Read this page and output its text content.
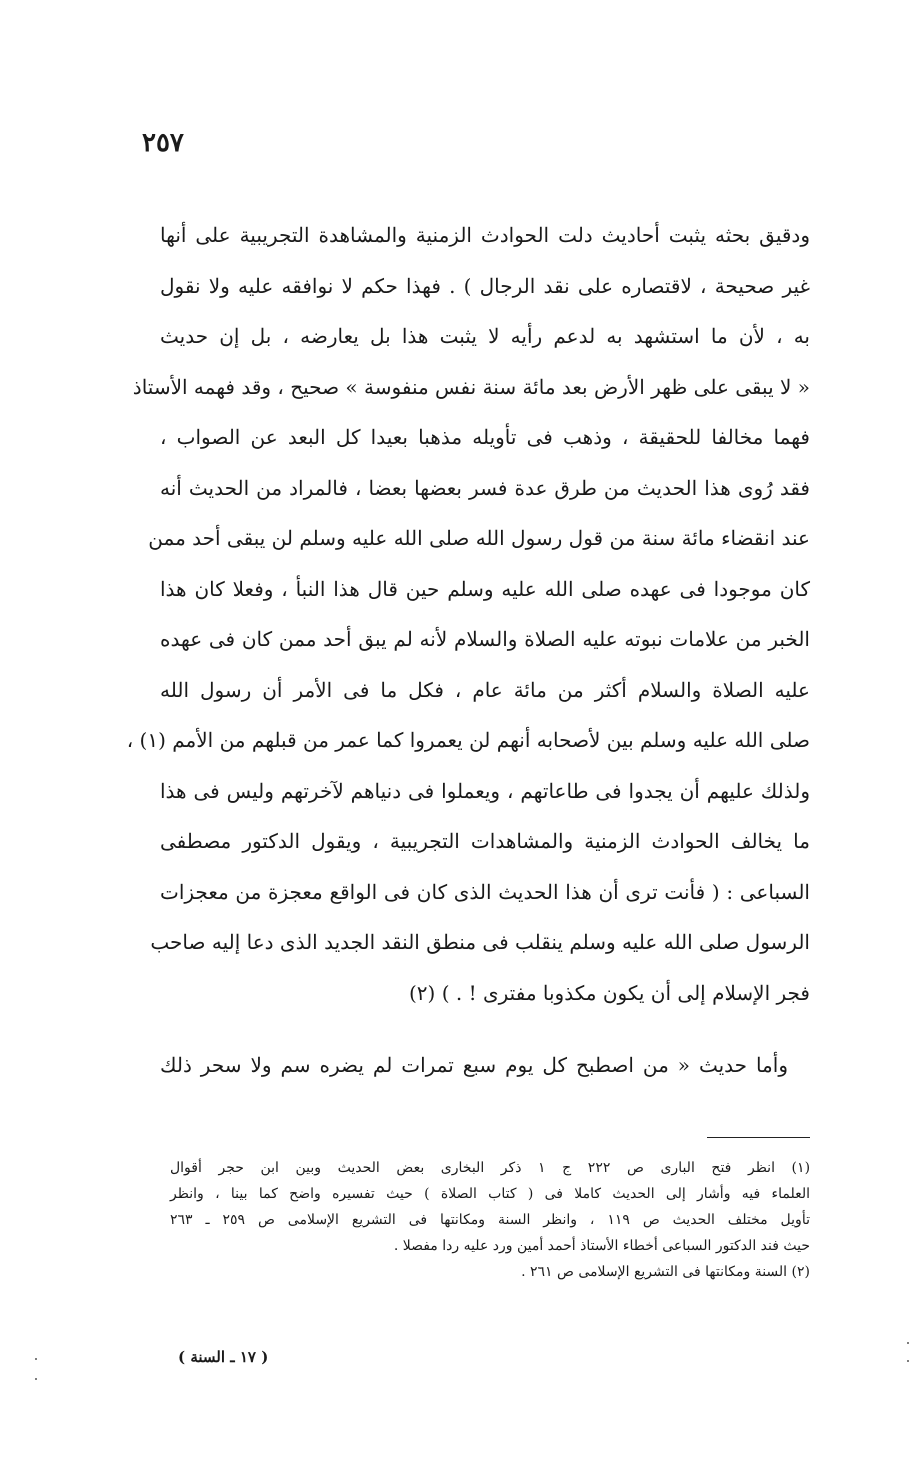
٢٥٧
ودقيق بحثه يثبت أحاديث دلت الحوادث الزمنية والمشاهدة التجريبية على أنها
غير صحيحة ، لاقتصاره على نقد الرجال ) . فهذا حكم لا نوافقه عليه ولا نقول
به ، لأن ما استشهد به لدعم رأيه لا يثبت هذا بل يعارضه ، بل إن حديث
« لا يبقى على ظهر الأرض بعد مائة سنة نفس منفوسة » صحيح ، وقد فهمه الأستاذ
فهما مخالفا للحقيقة ، وذهب فى تأويله مذهبا بعيدا كل البعد عن الصواب ،
فقد رُوى هذا الحديث من طرق عدة فسر بعضها بعضا ، فالمراد من الحديث أنه
عند انقضاء مائة سنة من قول رسول الله صلى الله عليه وسلم لن يبقى أحد ممن
كان موجودا فى عهده صلى الله عليه وسلم حين قال هذا النبأ ، وفعلا كان هذا
الخبر من علامات نبوته عليه الصلاة والسلام لأنه لم يبق أحد ممن كان فى عهده
عليه الصلاة والسلام أكثر من مائة عام ، فكل ما فى الأمر أن رسول الله
صلى الله عليه وسلم بين لأصحابه أنهم لن يعمروا كما عمر من قبلهم من الأمم (١) ،
ولذلك عليهم أن يجدوا فى طاعاتهم ، ويعملوا فى دنياهم لآخرتهم وليس فى هذا
ما يخالف الحوادث الزمنية والمشاهدات التجريبية ، ويقول الدكتور مصطفى
السباعى : ( فأنت ترى أن هذا الحديث الذى كان فى الواقع معجزة من معجزات
الرسول صلى الله عليه وسلم ينقلب فى منطق النقد الجديد الذى دعا إليه صاحب
فجر الإسلام إلى أن يكون مكذوبا مفترى ! . ) (٢)
وأما حديث « من اصطبح كل يوم سبع تمرات لم يضره سم ولا سحر ذلك
(١) انظر فتح البارى ص ٢٢٢ ج ١ ذكر البخارى بعض الحديث وبين ابن حجر أقوال
العلماء فيه وأشار إلى الحديث كاملا فى ( كتاب الصلاة ) حيث تفسيره واضح كما بينا ، وانظر
تأويل مختلف الحديث ص ١١٩ ، وانظر السنة ومكانتها فى التشريع الإسلامى ص ٢٥٩ ـ ٢٦٣
حيث فند الدكتور السباعى أخطاء الأستاذ أحمد أمين ورد عليه ردا مفصلا .
(٢) السنة ومكانتها فى التشريع الإسلامى ص ٢٦١ .
( ١٧ ـ السنة )
